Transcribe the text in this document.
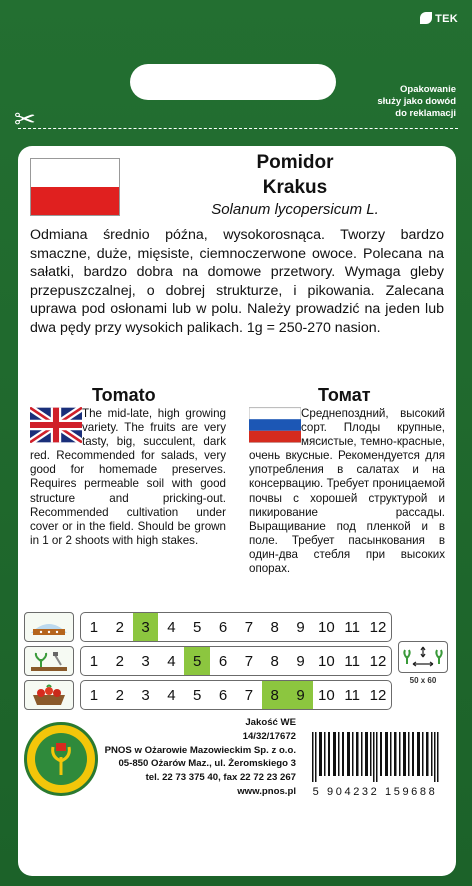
TEK
Opakowanie
służy jako dowód
do reklamacji
✂
Pomidor
Krakus
Solanum lycopersicum L.
Odmiana średnio późna, wysokorosnąca. Tworzy bardzo smaczne, duże, mięsiste, ciemnoczerwone owoce. Polecana na sałatki, bardzo dobra na domowe przetwory. Wymaga gleby przepuszczalnej, o dobrej strukturze, i pikowania. Zalecana uprawa pod osłonami lub w polu. Należy prowadzić na jeden lub dwa pędy przy wysokich palikach. 1g = 250-270 nasion.
Tomato	Томат
The mid-late, high growing variety. The fruits are very tasty, big, succulent, dark red. Recommended for salads, very good for homemade preserves. Requires permeable soil with good structure and pricking-out. Recommended cultivation under cover or in the field. Should be grown in 1 or 2 shoots with high stakes.
Среднепоздний, высокий сорт. Плоды крупные, мясистые, темно-красные, очень вкусные. Рекомендуется для употребления в салатах и на консервацию. Требует проницаемой почвы с хорошей структурой и пикирование рассады. Выращивание под пленкой и в поле. Требует пасынкования в один-два стебля при высоких опорах.
1	2	3	4	5	6	7	8	9 10 11 12
1	2	3	4	5	6	7	8	9 10 11 12
1	2	3	4	5	6	7	8	9 10 11 12
50 x 60
Jakość WE
14/32/17672
PNOS w Ożarowie Mazowieckim Sp. z o.o.
05-850 Ożarów Maz., ul. Żeromskiego 3
tel. 22 73 375 40, fax 22 72 23 267
www.pnos.pl	5 904232 159688
